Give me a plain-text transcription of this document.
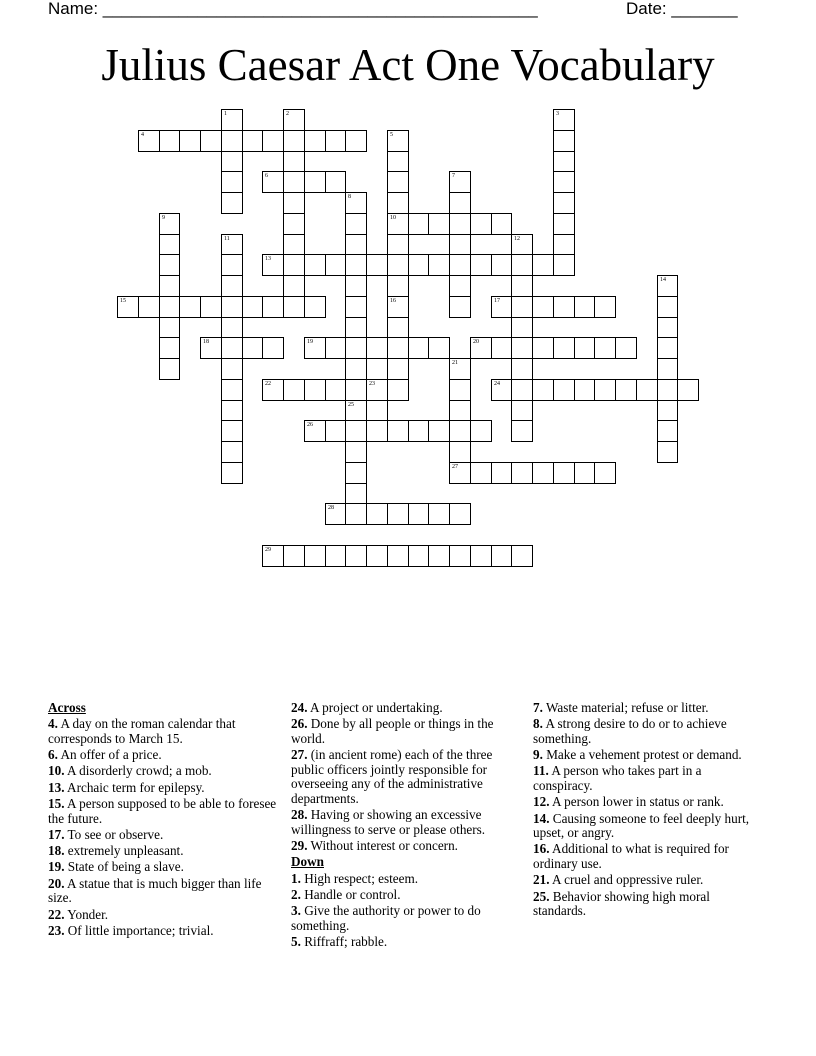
Name: ______________________________________________	Date: _______
Julius Caesar Act One Vocabulary
4
6
10
13
15	17
18	19	20
22	24
26
27
28
29
1	2	3
5
16
7
8
9
11	12
14
21
23
25
Across
4. A day on the roman calendar that corresponds to March 15.
6. An offer of a price.
10. A disorderly crowd; a mob.
13. Archaic term for epilepsy.
15. A person supposed to be able to foresee the future.
17. To see or observe.
18. extremely unpleasant.
19. State of being a slave.
20. A statue that is much bigger than life size.
22. Yonder.
23. Of little importance; trivial.
24. A project or undertaking.
26. Done by all people or things in the world.
27. (in ancient rome) each of the three public officers jointly responsible for overseeing any of the administrative departments.
28. Having or showing an excessive willingness to serve or please others.
29. Without interest or concern.
Down
1. High respect; esteem.
2. Handle or control.
3. Give the authority or power to do something.
5. Riffraff; rabble.
7. Waste material; refuse or litter.
8. A strong desire to do or to achieve something.
9. Make a vehement protest or demand.
11. A person who takes part in a conspiracy.
12. A person lower in status or rank.
14. Causing someone to feel deeply hurt, upset, or angry.
16. Additional to what is required for ordinary use.
21. A cruel and oppressive ruler.
25. Behavior showing high moral standards.
